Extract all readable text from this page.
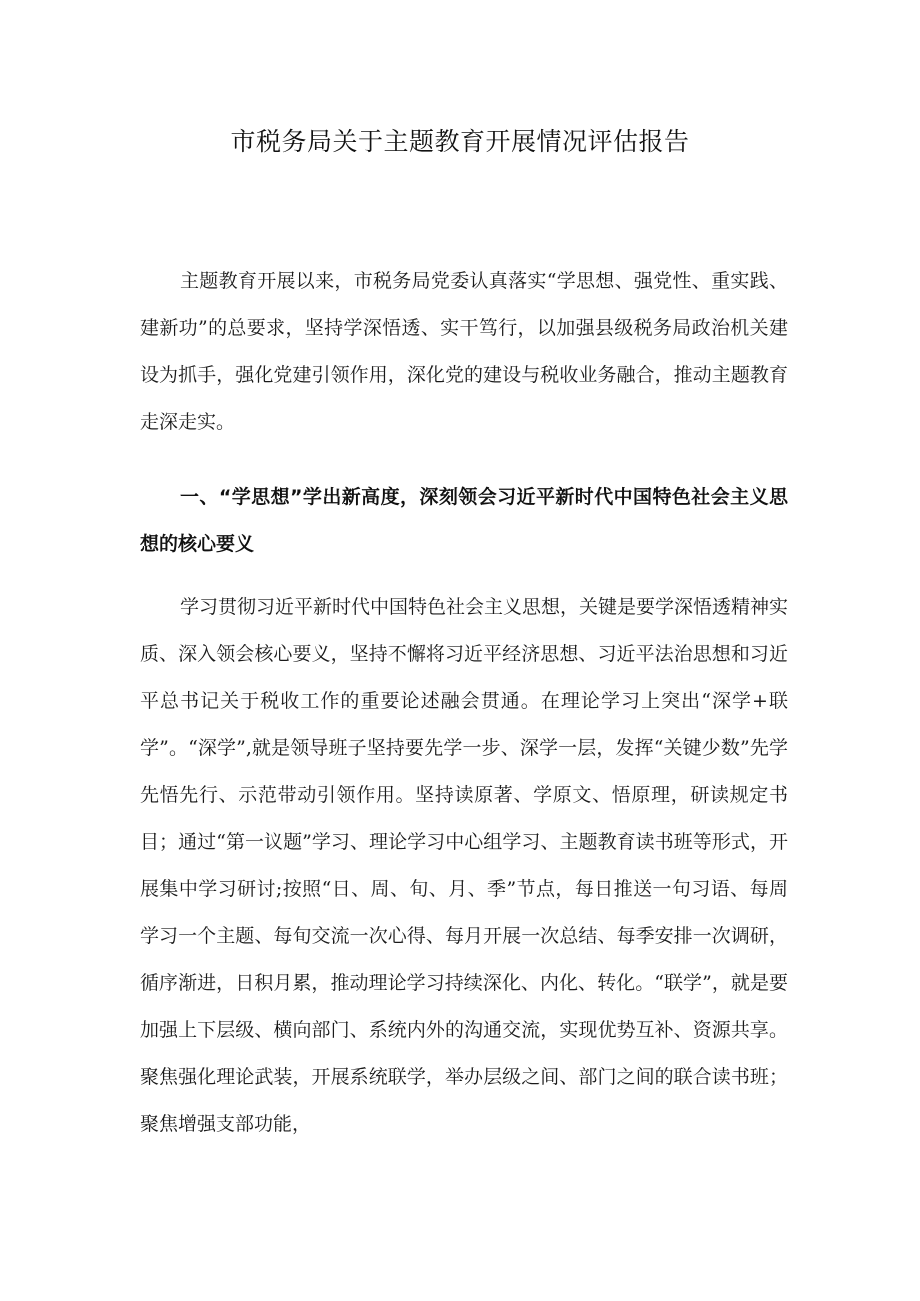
市税务局关于主题教育开展情况评估报告

主题教育开展以来，市税务局党委认真落实“学思想、强党性、重实践、建新功”的总要求，坚持学深悟透、实干笃行，以加强县级税务局政治机关建设为抓手，强化党建引领作用，深化党的建设与税收业务融合，推动主题教育走深走实。

一、“学思想”学出新高度，深刻领会习近平新时代中国特色社会主义思想的核心要义

学习贯彻习近平新时代中国特色社会主义思想，关键是要学深悟透精神实质、深入领会核心要义，坚持不懈将习近平经济思想、习近平法治思想和习近平总书记关于税收工作的重要论述融会贯通。在理论学习上突出“深学+联学”。“深学”,就是领导班子坚持要先学一步、深学一层，发挥“关键少数”先学先悟先行、示范带动引领作用。坚持读原著、学原文、悟原理，研读规定书目；通过“第一议题”学习、理论学习中心组学习、主题教育读书班等形式，开展集中学习研讨;按照“日、周、旬、月、季”节点，每日推送一句习语、每周学习一个主题、每旬交流一次心得、每月开展一次总结、每季安排一次调研，循序渐进，日积月累，推动理论学习持续深化、内化、转化。“联学”，就是要加强上下层级、横向部门、系统内外的沟通交流，实现优势互补、资源共享。聚焦强化理论武装，开展系统联学，举办层级之间、部门之间的联合读书班；聚焦增强支部功能，
